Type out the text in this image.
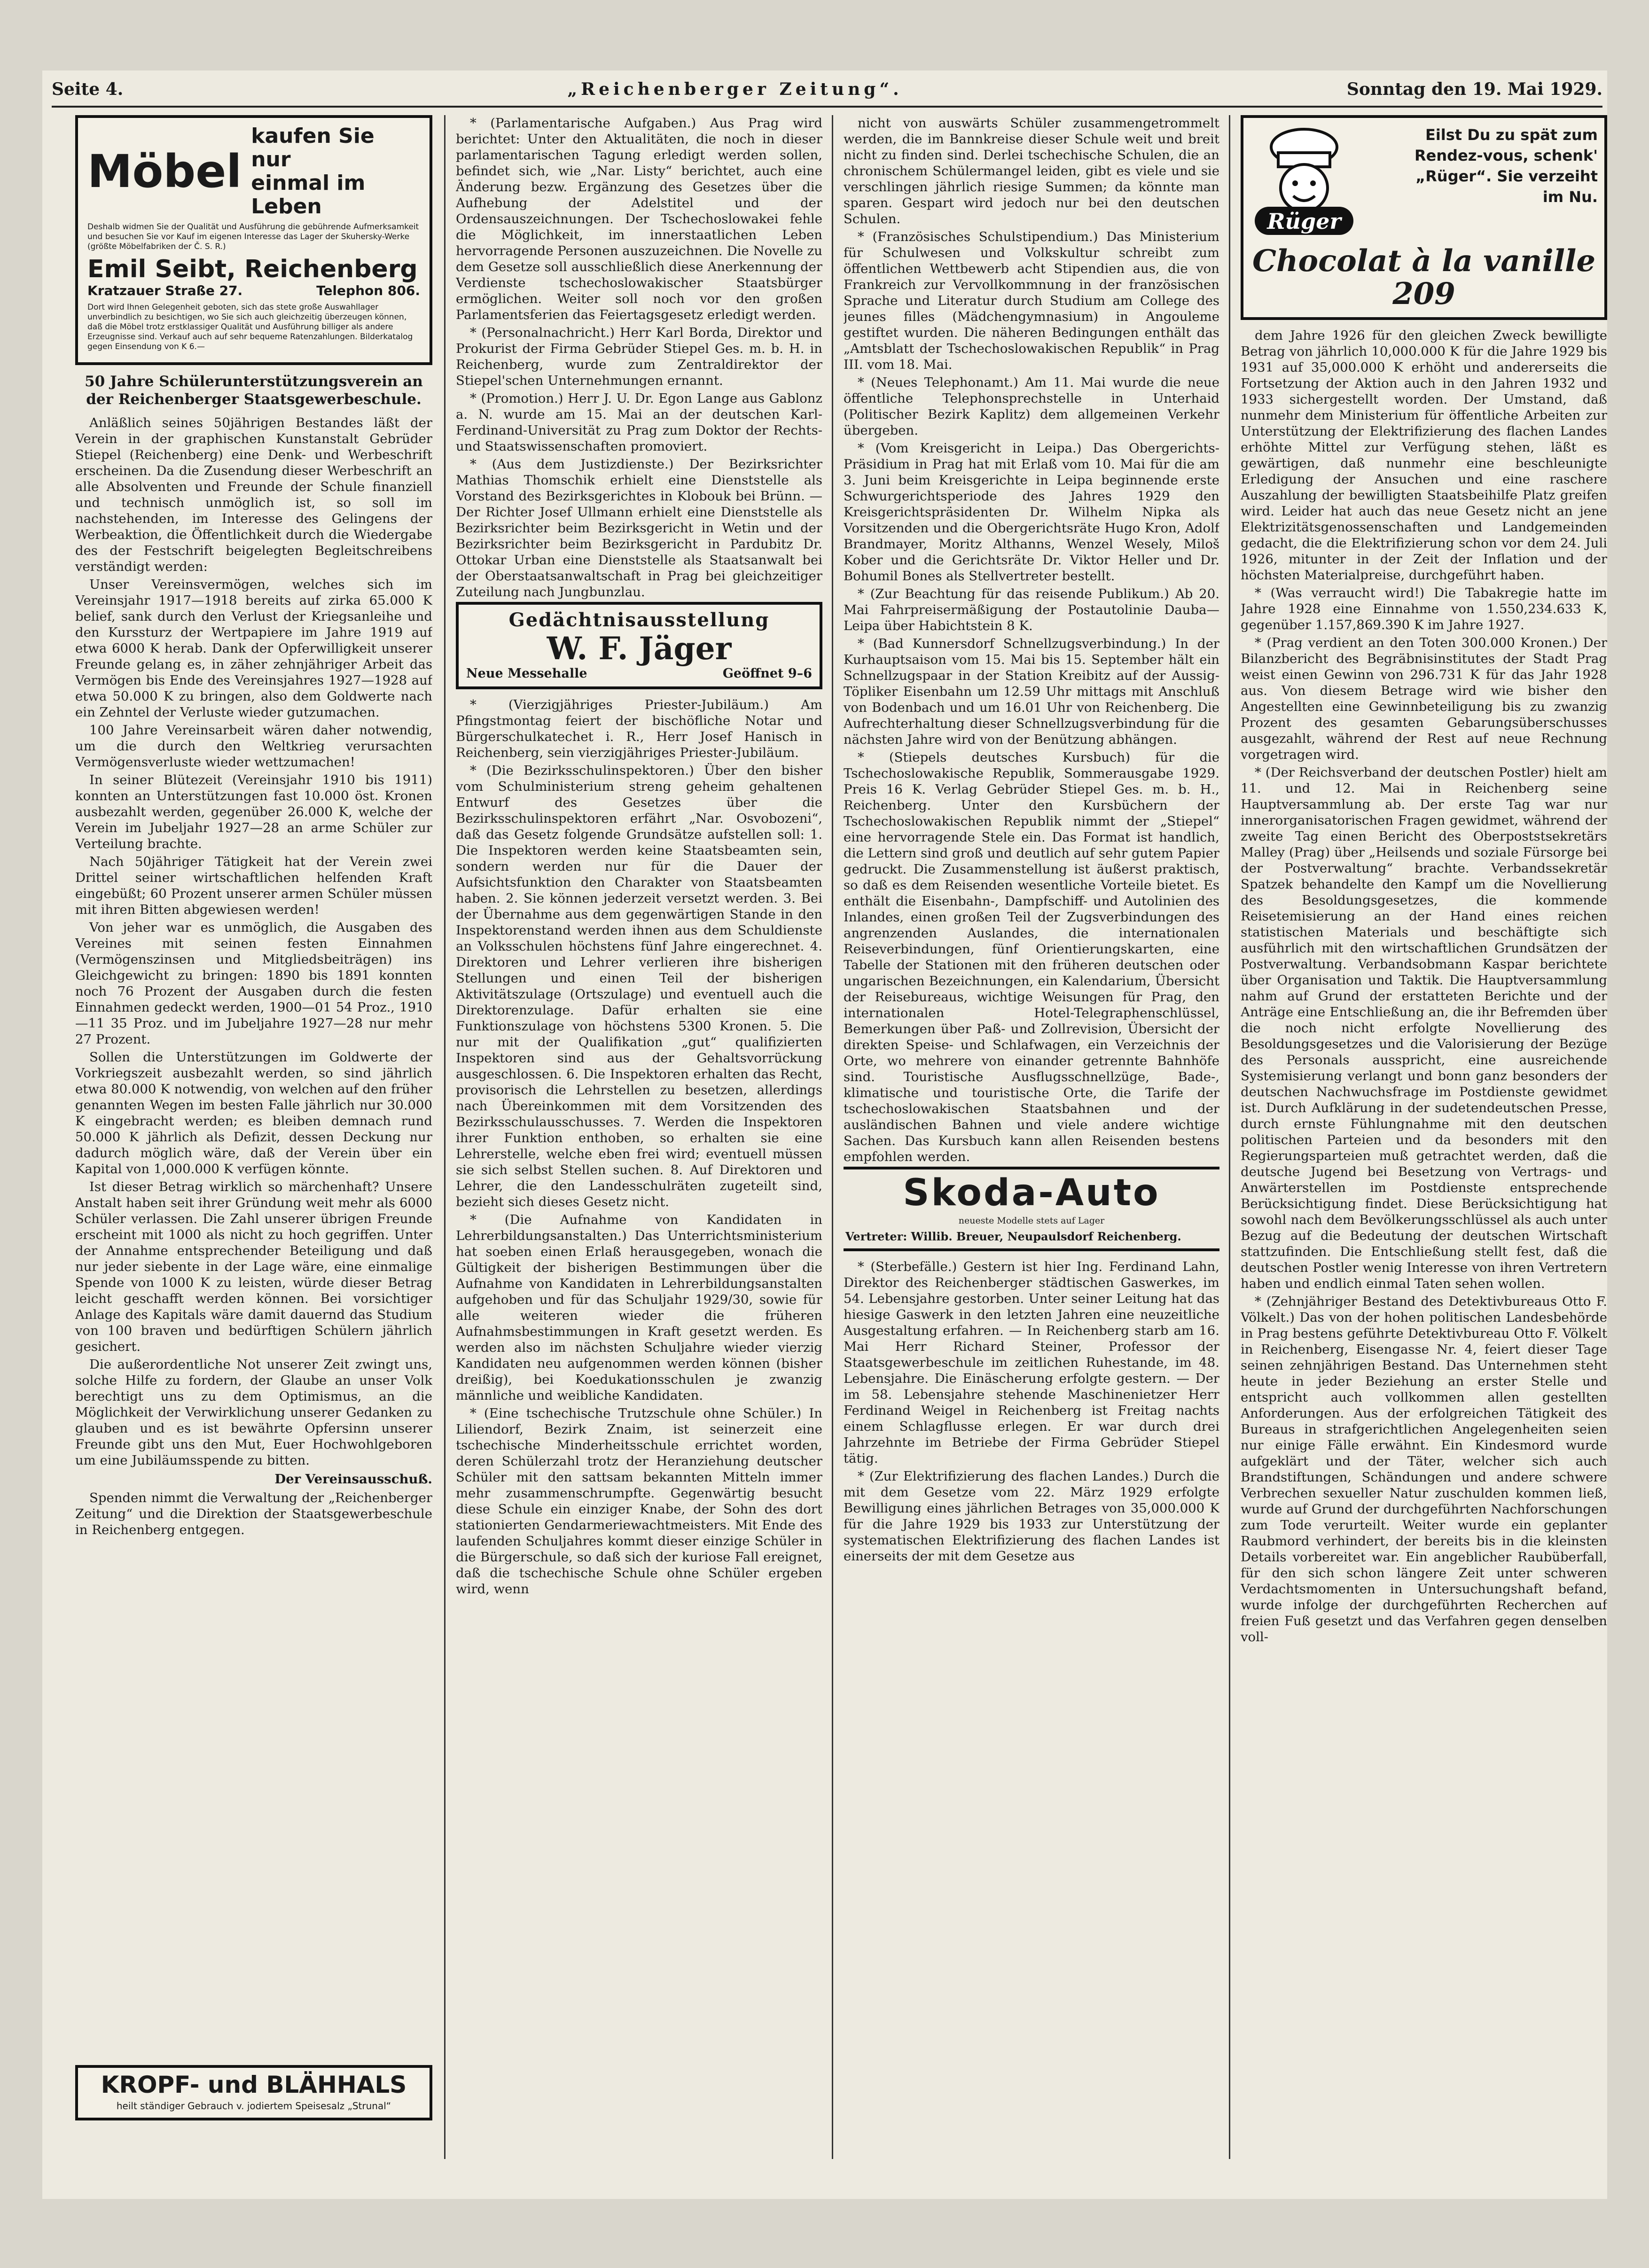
Seite 4.	„Reichenberger Zeitung“.	Sonntag den 19. Mai 1929.
Möbel
kaufen Sie nur
einmal im Leben
Deshalb widmen Sie der Qualität und Ausführung die gebührende Aufmerksamkeit und besuchen Sie vor Kauf im eigenen Interesse das Lager der Skuhersky-Werke (größte Möbelfabriken der Č. S. R.)
Emil Seibt, Reichenberg
Kratzauer Straße 27.	Telephon 806.
Dort wird Ihnen Gelegenheit geboten, sich das stete große Auswahllager unverbindlich zu besichtigen, wo Sie sich auch gleichzeitig überzeugen können, daß die Möbel trotz erstklassiger Qualität und Ausführung billiger als andere Erzeugnisse sind. Verkauf auch auf sehr bequeme Ratenzahlungen. Bilderkatalog gegen Einsendung von K 6.—

50 Jahre Schülerunterstützungsverein an der Reichenberger Staatsgewerbeschule.

Anläßlich seines 50jährigen Bestandes läßt der Verein in der graphischen Kunstanstalt Gebrüder Stiepel (Reichenberg) eine Denk- und Werbeschrift erscheinen. Da die Zusendung dieser Werbeschrift an alle Absolventen und Freunde der Schule finanziell und technisch unmöglich ist, so soll im nachstehenden, im Interesse des Gelingens der Werbeaktion, die Öffentlichkeit durch die Wiedergabe des der Festschrift beigelegten Begleitschreibens verständigt werden:

Unser Vereinsvermögen, welches sich im Vereinsjahr 1917—1918 bereits auf zirka 65.000 K belief, sank durch den Verlust der Kriegsanleihe und den Kurssturz der Wertpapiere im Jahre 1919 auf etwa 6000 K herab. Dank der Opferwilligkeit unserer Freunde gelang es, in zäher zehnjähriger Arbeit das Vermögen bis Ende des Vereinsjahres 1927—1928 auf etwa 50.000 K zu bringen, also dem Goldwerte nach ein Zehntel der Verluste wieder gutzumachen.

100 Jahre Vereinsarbeit wären daher notwendig, um die durch den Weltkrieg verursachten Vermögensverluste wieder wettzumachen!

In seiner Blütezeit (Vereinsjahr 1910 bis 1911) konnten an Unterstützungen fast 10.000 öst. Kronen ausbezahlt werden, gegenüber 26.000 K, welche der Verein im Jubeljahr 1927—28 an arme Schüler zur Verteilung brachte.

Nach 50jähriger Tätigkeit hat der Verein zwei Drittel seiner wirtschaftlichen helfenden Kraft eingebüßt; 60 Prozent unserer armen Schüler müssen mit ihren Bitten abgewiesen werden!

Von jeher war es unmöglich, die Ausgaben des Vereines mit seinen festen Einnahmen (Vermögenszinsen und Mitgliedsbeiträgen) ins Gleichgewicht zu bringen: 1890 bis 1891 konnten noch 76 Prozent der Ausgaben durch die festen Einnahmen gedeckt werden, 1900—01 54 Proz., 1910—11 35 Proz. und im Jubeljahre 1927—28 nur mehr 27 Prozent.

Sollen die Unterstützungen im Goldwerte der Vorkriegszeit ausbezahlt werden, so sind jährlich etwa 80.000 K notwendig, von welchen auf den früher genannten Wegen im besten Falle jährlich nur 30.000 K eingebracht werden; es bleiben demnach rund 50.000 K jährlich als Defizit, dessen Deckung nur dadurch möglich wäre, daß der Verein über ein Kapital von 1,000.000 K verfügen könnte.

Ist dieser Betrag wirklich so märchenhaft? Unsere Anstalt haben seit ihrer Gründung weit mehr als 6000 Schüler verlassen. Die Zahl unserer übrigen Freunde erscheint mit 1000 als nicht zu hoch gegriffen. Unter der Annahme entsprechender Beteiligung und daß nur jeder siebente in der Lage wäre, eine einmalige Spende von 1000 K zu leisten, würde dieser Betrag leicht geschafft werden können. Bei vorsichtiger Anlage des Kapitals wäre damit dauernd das Studium von 100 braven und bedürftigen Schülern jährlich gesichert.

Die außerordentliche Not unserer Zeit zwingt uns, solche Hilfe zu fordern, der Glaube an unser Volk berechtigt uns zu dem Optimismus, an die Möglichkeit der Verwirklichung unserer Gedanken zu glauben und es ist bewährte Opfersinn unserer Freunde gibt uns den Mut, Euer Hochwohlgeboren um eine Jubiläumsspende zu bitten.

Der Vereinsausschuß.

Spenden nimmt die Verwaltung der „Reichenberger Zeitung“ und die Direktion der Staatsgewerbeschule in Reichenberg entgegen.

KROPF- und BLÄHHALS
heilt ständiger Gebrauch v. jodiertem Speisesalz „Strunal“

* (Parlamentarische Aufgaben.) Aus Prag wird berichtet: Unter den Aktualitäten, die noch in dieser parlamentarischen Tagung erledigt werden sollen, befindet sich, wie „Nar. Listy“ berichtet, auch eine Änderung bezw. Ergänzung des Gesetzes über die Aufhebung der Adelstitel und der Ordensauszeichnungen. Der Tschechoslowakei fehle die Möglichkeit, im innerstaatlichen Leben hervorragende Personen auszuzeichnen. Die Novelle zu dem Gesetze soll ausschließlich diese Anerkennung der Verdienste tschechoslowakischer Staatsbürger ermöglichen. Weiter soll noch vor den großen Parlamentsferien das Feiertagsgesetz erledigt werden.

* (Personalnachricht.) Herr Karl Borda, Direktor und Prokurist der Firma Gebrüder Stiepel Ges. m. b. H. in Reichenberg, wurde zum Zentraldirektor der Stiepel'schen Unternehmungen ernannt.

* (Promotion.) Herr J. U. Dr. Egon Lange aus Gablonz a. N. wurde am 15. Mai an der deutschen Karl-Ferdinand-Universität zu Prag zum Doktor der Rechts- und Staatswissenschaften promoviert.

* (Aus dem Justizdienste.) Der Bezirksrichter Mathias Thomschik erhielt eine Dienststelle als Vorstand des Bezirksgerichtes in Klobouk bei Brünn. — Der Richter Josef Ullmann erhielt eine Dienststelle als Bezirksrichter beim Bezirksgericht in Wetin und der Bezirksrichter beim Bezirksgericht in Pardubitz Dr. Ottokar Urban eine Dienststelle als Staatsanwalt bei der Oberstaatsanwaltschaft in Prag bei gleichzeitiger Zuteilung nach Jungbunzlau.

Gedächtnisausstellung
W. F. Jäger
Neue Messehalle	Geöffnet 9–6

* (Vierzigjähriges Priester-Jubiläum.) Am Pfingstmontag feiert der bischöfliche Notar und Bürgerschulkatechet i. R., Herr Josef Hanisch in Reichenberg, sein vierzigjähriges Priester-Jubiläum.

* (Die Bezirksschulinspektoren.) Über den bisher vom Schulministerium streng geheim gehaltenen Entwurf des Gesetzes über die Bezirksschulinspektoren erfährt „Nar. Osvobozeni“, daß das Gesetz folgende Grundsätze aufstellen soll: 1. Die Inspektoren werden keine Staatsbeamten sein, sondern werden nur für die Dauer der Aufsichtsfunktion den Charakter von Staatsbeamten haben. 2. Sie können jederzeit versetzt werden. 3. Bei der Übernahme aus dem gegenwärtigen Stande in den Inspektorenstand werden ihnen aus dem Schuldienste an Volksschulen höchstens fünf Jahre eingerechnet. 4. Direktoren und Lehrer verlieren ihre bisherigen Stellungen und einen Teil der bisherigen Aktivitätszulage (Ortszulage) und eventuell auch die Direktorenzulage. Dafür erhalten sie eine Funktionszulage von höchstens 5300 Kronen. 5. Die nur mit der Qualifikation „gut“ qualifizierten Inspektoren sind aus der Gehaltsvorrückung ausgeschlossen. 6. Die Inspektoren erhalten das Recht, provisorisch die Lehrstellen zu besetzen, allerdings nach Übereinkommen mit dem Vorsitzenden des Bezirksschulausschusses. 7. Werden die Inspektoren ihrer Funktion enthoben, so erhalten sie eine Lehrerstelle, welche eben frei wird; eventuell müssen sie sich selbst Stellen suchen. 8. Auf Direktoren und Lehrer, die den Landesschulräten zugeteilt sind, bezieht sich dieses Gesetz nicht.

* (Die Aufnahme von Kandidaten in Lehrerbildungsanstalten.) Das Unterrichtsministerium hat soeben einen Erlaß herausgegeben, wonach die Gültigkeit der bisherigen Bestimmungen über die Aufnahme von Kandidaten in Lehrerbildungsanstalten aufgehoben und für das Schuljahr 1929/30, sowie für alle weiteren wieder die früheren Aufnahmsbestimmungen in Kraft gesetzt werden. Es werden also im nächsten Schuljahre wieder vierzig Kandidaten neu aufgenommen werden können (bisher dreißig), bei Koedukationsschulen je zwanzig männliche und weibliche Kandidaten.

* (Eine tschechische Trutzschule ohne Schüler.) In Liliendorf, Bezirk Znaim, ist seinerzeit eine tschechische Minderheitsschule errichtet worden, deren Schülerzahl trotz der Heranziehung deutscher Schüler mit den sattsam bekannten Mitteln immer mehr zusammenschrumpfte. Gegenwärtig besucht diese Schule ein einziger Knabe, der Sohn des dort stationierten Gendarmeriewachtmeisters. Mit Ende des laufenden Schuljahres kommt dieser einzige Schüler in die Bürgerschule, so daß sich der kuriose Fall ereignet, daß die tschechische Schule ohne Schüler ergeben wird, wenn

nicht von auswärts Schüler zusammengetrommelt werden, die im Bannkreise dieser Schule weit und breit nicht zu finden sind. Derlei tschechische Schulen, die an chronischem Schülermangel leiden, gibt es viele und sie verschlingen jährlich riesige Summen; da könnte man sparen. Gespart wird jedoch nur bei den deutschen Schulen.

* (Französisches Schulstipendium.) Das Ministerium für Schulwesen und Volkskultur schreibt zum öffentlichen Wettbewerb acht Stipendien aus, die von Frankreich zur Vervollkommnung in der französischen Sprache und Literatur durch Studium am College des jeunes filles (Mädchengymnasium) in Angouleme gestiftet wurden. Die näheren Bedingungen enthält das „Amtsblatt der Tschechoslowakischen Republik“ in Prag III. vom 18. Mai.

* (Neues Telephonamt.) Am 11. Mai wurde die neue öffentliche Telephonsprechstelle in Unterhaid (Politischer Bezirk Kaplitz) dem allgemeinen Verkehr übergeben.

* (Vom Kreisgericht in Leipa.) Das Obergerichts-Präsidium in Prag hat mit Erlaß vom 10. Mai für die am 3. Juni beim Kreisgerichte in Leipa beginnende erste Schwurgerichtsperiode des Jahres 1929 den Kreisgerichtspräsidenten Dr. Wilhelm Nipka als Vorsitzenden und die Obergerichtsräte Hugo Kron, Adolf Brandmayer, Moritz Althanns, Wenzel Wesely, Miloš Kober und die Gerichtsräte Dr. Viktor Heller und Dr. Bohumil Bones als Stellvertreter bestellt.

* (Zur Beachtung für das reisende Publikum.) Ab 20. Mai Fahrpreisermäßigung der Postautolinie Dauba—Leipa über Habichtstein 8 K.

* (Bad Kunnersdorf Schnellzugsverbindung.) In der Kurhauptsaison vom 15. Mai bis 15. September hält ein Schnellzugspaar in der Station Kreibitz auf der Aussig-Töpliker Eisenbahn um 12.59 Uhr mittags mit Anschluß von Bodenbach und um 16.01 Uhr von Reichenberg. Die Aufrechterhaltung dieser Schnellzugsverbindung für die nächsten Jahre wird von der Benützung abhängen.

* (Stiepels deutsches Kursbuch) für die Tschechoslowakische Republik, Sommerausgabe 1929. Preis 16 K. Verlag Gebrüder Stiepel Ges. m. b. H., Reichenberg. Unter den Kursbüchern der Tschechoslowakischen Republik nimmt der „Stiepel“ eine hervorragende Stele ein. Das Format ist handlich, die Lettern sind groß und deutlich auf sehr gutem Papier gedruckt. Die Zusammenstellung ist äußerst praktisch, so daß es dem Reisenden wesentliche Vorteile bietet. Es enthält die Eisenbahn-, Dampfschiff- und Autolinien des Inlandes, einen großen Teil der Zugsverbindungen des angrenzenden Auslandes, die internationalen Reiseverbindungen, fünf Orientierungskarten, eine Tabelle der Stationen mit den früheren deutschen oder ungarischen Bezeichnungen, ein Kalendarium, Übersicht der Reisebureaus, wichtige Weisungen für Prag, den internationalen Hotel-Telegraphenschlüssel, Bemerkungen über Paß- und Zollrevision, Übersicht der direkten Speise- und Schlafwagen, ein Verzeichnis der Orte, wo mehrere von einander getrennte Bahnhöfe sind. Touristische Ausflugsschnellzüge, Bade-, klimatische und touristische Orte, die Tarife der tschechoslowakischen Staatsbahnen und der ausländischen Bahnen und viele andere wichtige Sachen. Das Kursbuch kann allen Reisenden bestens empfohlen werden.

Skoda-Auto
neueste Modelle stets auf Lager
Vertreter: Willib. Breuer, Neupaulsdorf Reichenberg.

* (Sterbefälle.) Gestern ist hier Ing. Ferdinand Lahn, Direktor des Reichenberger städtischen Gaswerkes, im 54. Lebensjahre gestorben. Unter seiner Leitung hat das hiesige Gaswerk in den letzten Jahren eine neuzeitliche Ausgestaltung erfahren. — In Reichenberg starb am 16. Mai Herr Richard Steiner, Professor der Staatsgewerbeschule im zeitlichen Ruhestande, im 48. Lebensjahre. Die Einäscherung erfolgte gestern. — Der im 58. Lebensjahre stehende Maschinenietzer Herr Ferdinand Weigel in Reichenberg ist Freitag nachts einem Schlagflusse erlegen. Er war durch drei Jahrzehnte im Betriebe der Firma Gebrüder Stiepel tätig.

* (Zur Elektrifizierung des flachen Landes.) Durch die mit dem Gesetze vom 22. März 1929 erfolgte Bewilligung eines jährlichen Betrages von 35,000.000 K für die Jahre 1929 bis 1933 zur Unterstützung der systematischen Elektrifizierung des flachen Landes ist einerseits der mit dem Gesetze aus

Rüger
Eilst Du zu spät zum Rendez-vous, schenk' „Rüger“. Sie verzeiht im Nu.
Chocolat à la vanille 209

dem Jahre 1926 für den gleichen Zweck bewilligte Betrag von jährlich 10,000.000 K für die Jahre 1929 bis 1931 auf 35,000.000 K erhöht und andererseits die Fortsetzung der Aktion auch in den Jahren 1932 und 1933 sichergestellt worden. Der Umstand, daß nunmehr dem Ministerium für öffentliche Arbeiten zur Unterstützung der Elektrifizierung des flachen Landes erhöhte Mittel zur Verfügung stehen, läßt es gewärtigen, daß nunmehr eine beschleunigte Erledigung der Ansuchen und eine raschere Auszahlung der bewilligten Staatsbeihilfe Platz greifen wird. Leider hat auch das neue Gesetz nicht an jene Elektrizitätsgenossenschaften und Landgemeinden gedacht, die die Elektrifizierung schon vor dem 24. Juli 1926, mitunter in der Zeit der Inflation und der höchsten Materialpreise, durchgeführt haben.

* (Was verraucht wird!) Die Tabakregie hatte im Jahre 1928 eine Einnahme von 1.550,234.633 K, gegenüber 1.157,869.390 K im Jahre 1927.

* (Prag verdient an den Toten 300.000 Kronen.) Der Bilanzbericht des Begräbnisinstitutes der Stadt Prag weist einen Gewinn von 296.731 K für das Jahr 1928 aus. Von diesem Betrage wird wie bisher den Angestellten eine Gewinnbeteiligung bis zu zwanzig Prozent des gesamten Gebarungsüberschusses ausgezahlt, während der Rest auf neue Rechnung vorgetragen wird.

* (Der Reichsverband der deutschen Postler) hielt am 11. und 12. Mai in Reichenberg seine Hauptversammlung ab. Der erste Tag war nur innerorganisatorischen Fragen gewidmet, während der zweite Tag einen Bericht des Oberpoststsekretärs Malley (Prag) über „Heilsends und soziale Fürsorge bei der Postverwaltung“ brachte. Verbandssekretär Spatzek behandelte den Kampf um die Novellierung des Besoldungsgesetzes, die kommende Reisetemisierung an der Hand eines reichen statistischen Materials und beschäftigte sich ausführlich mit den wirtschaftlichen Grundsätzen der Postverwaltung. Verbandsobmann Kaspar berichtete über Organisation und Taktik. Die Hauptversammlung nahm auf Grund der erstatteten Berichte und der Anträge eine Entschließung an, die ihr Befremden über die noch nicht erfolgte Novellierung des Besoldungsgesetzes und die Valorisierung der Bezüge des Personals ausspricht, eine ausreichende Systemisierung verlangt und bonn ganz besonders der deutschen Nachwuchsfrage im Postdienste gewidmet ist. Durch Aufklärung in der sudetendeutschen Presse, durch ernste Fühlungnahme mit den deutschen politischen Parteien und da besonders mit den Regierungsparteien muß getrachtet werden, daß die deutsche Jugend bei Besetzung von Vertrags- und Anwärterstellen im Postdienste entsprechende Berücksichtigung findet. Diese Berücksichtigung hat sowohl nach dem Bevölkerungsschlüssel als auch unter Bezug auf die Bedeutung der deutschen Wirtschaft stattzufinden. Die Entschließung stellt fest, daß die deutschen Postler wenig Interesse von ihren Vertretern haben und endlich einmal Taten sehen wollen.

* (Zehnjähriger Bestand des Detektivbureaus Otto F. Völkelt.) Das von der hohen politischen Landesbehörde in Prag bestens geführte Detektivbureau Otto F. Völkelt in Reichenberg, Eisengasse Nr. 4, feiert dieser Tage seinen zehnjährigen Bestand. Das Unternehmen steht heute in jeder Beziehung an erster Stelle und entspricht auch vollkommen allen gestellten Anforderungen. Aus der erfolgreichen Tätigkeit des Bureaus in strafgerichtlichen Angelegenheiten seien nur einige Fälle erwähnt. Ein Kindesmord wurde aufgeklärt und der Täter, welcher sich auch Brandstiftungen, Schändungen und andere schwere Verbrechen sexueller Natur zuschulden kommen ließ, wurde auf Grund der durchgeführten Nachforschungen zum Tode verurteilt. Weiter wurde ein geplanter Raubmord verhindert, der bereits bis in die kleinsten Details vorbereitet war. Ein angeblicher Raubüberfall, für den sich schon längere Zeit unter schweren Verdachtsmomenten in Untersuchungshaft befand, wurde infolge der durchgeführten Recherchen auf freien Fuß gesetzt und das Verfahren gegen denselben voll-
